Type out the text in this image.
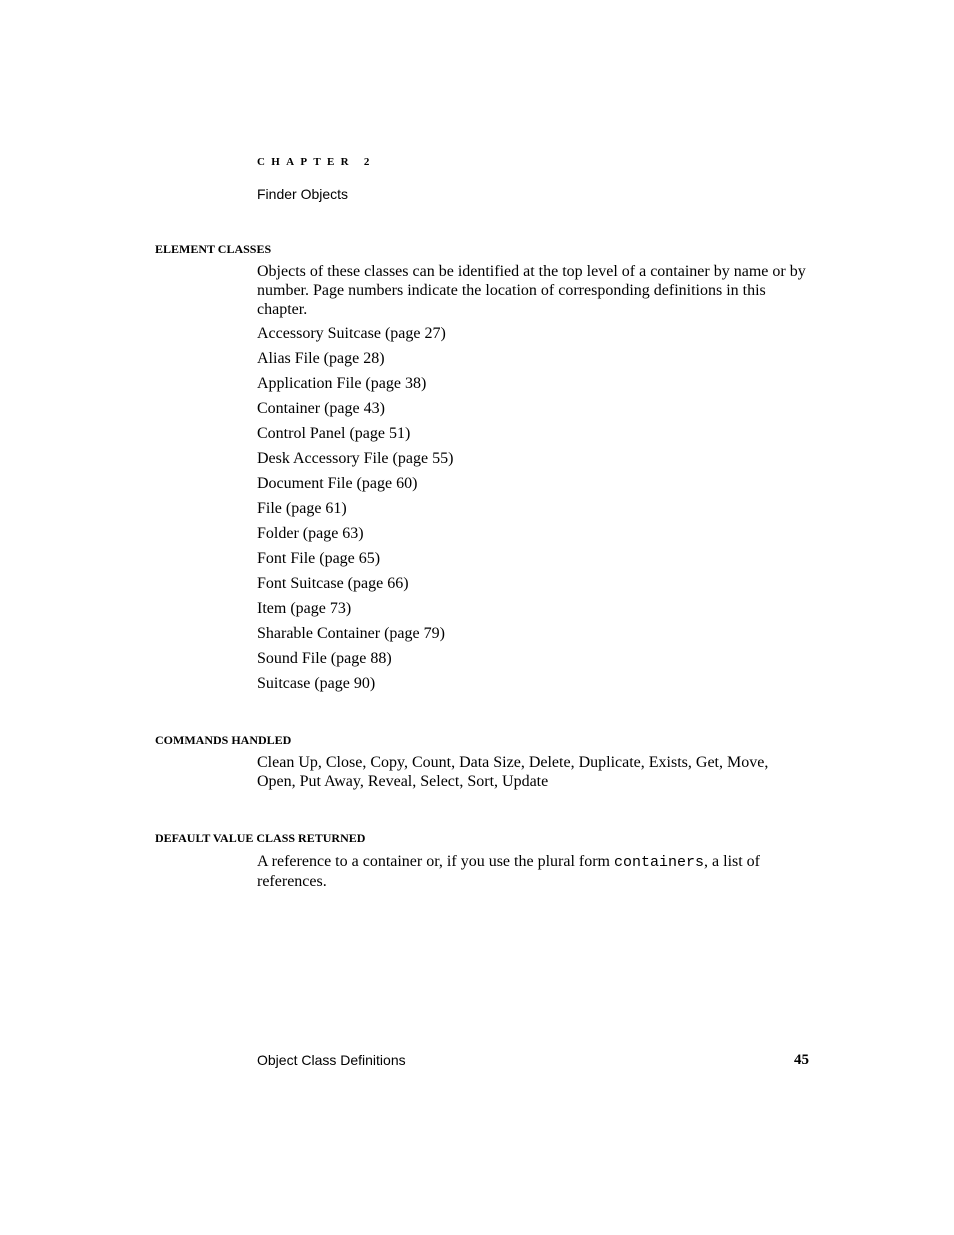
CHAPTER 2
Finder Objects
ELEMENT CLASSES

Objects of these classes can be identified at the top level of a container by name or by number. Page numbers indicate the location of corresponding definitions in this chapter.

Accessory Suitcase (page 27)
Alias File (page 28)
Application File (page 38)
Container (page 43)
Control Panel (page 51)
Desk Accessory File (page 55)
Document File (page 60)
File (page 61)
Folder (page 63)
Font File (page 65)
Font Suitcase (page 66)
Item (page 73)
Sharable Container (page 79)
Sound File (page 88)
Suitcase (page 90)
COMMANDS HANDLED

Clean Up, Close, Copy, Count, Data Size, Delete, Duplicate, Exists, Get, Move, Open, Put Away, Reveal, Select, Sort, Update

DEFAULT VALUE CLASS RETURNED

A reference to a container or, if you use the plural form containers, a list of references.

Object Class Definitions	45
